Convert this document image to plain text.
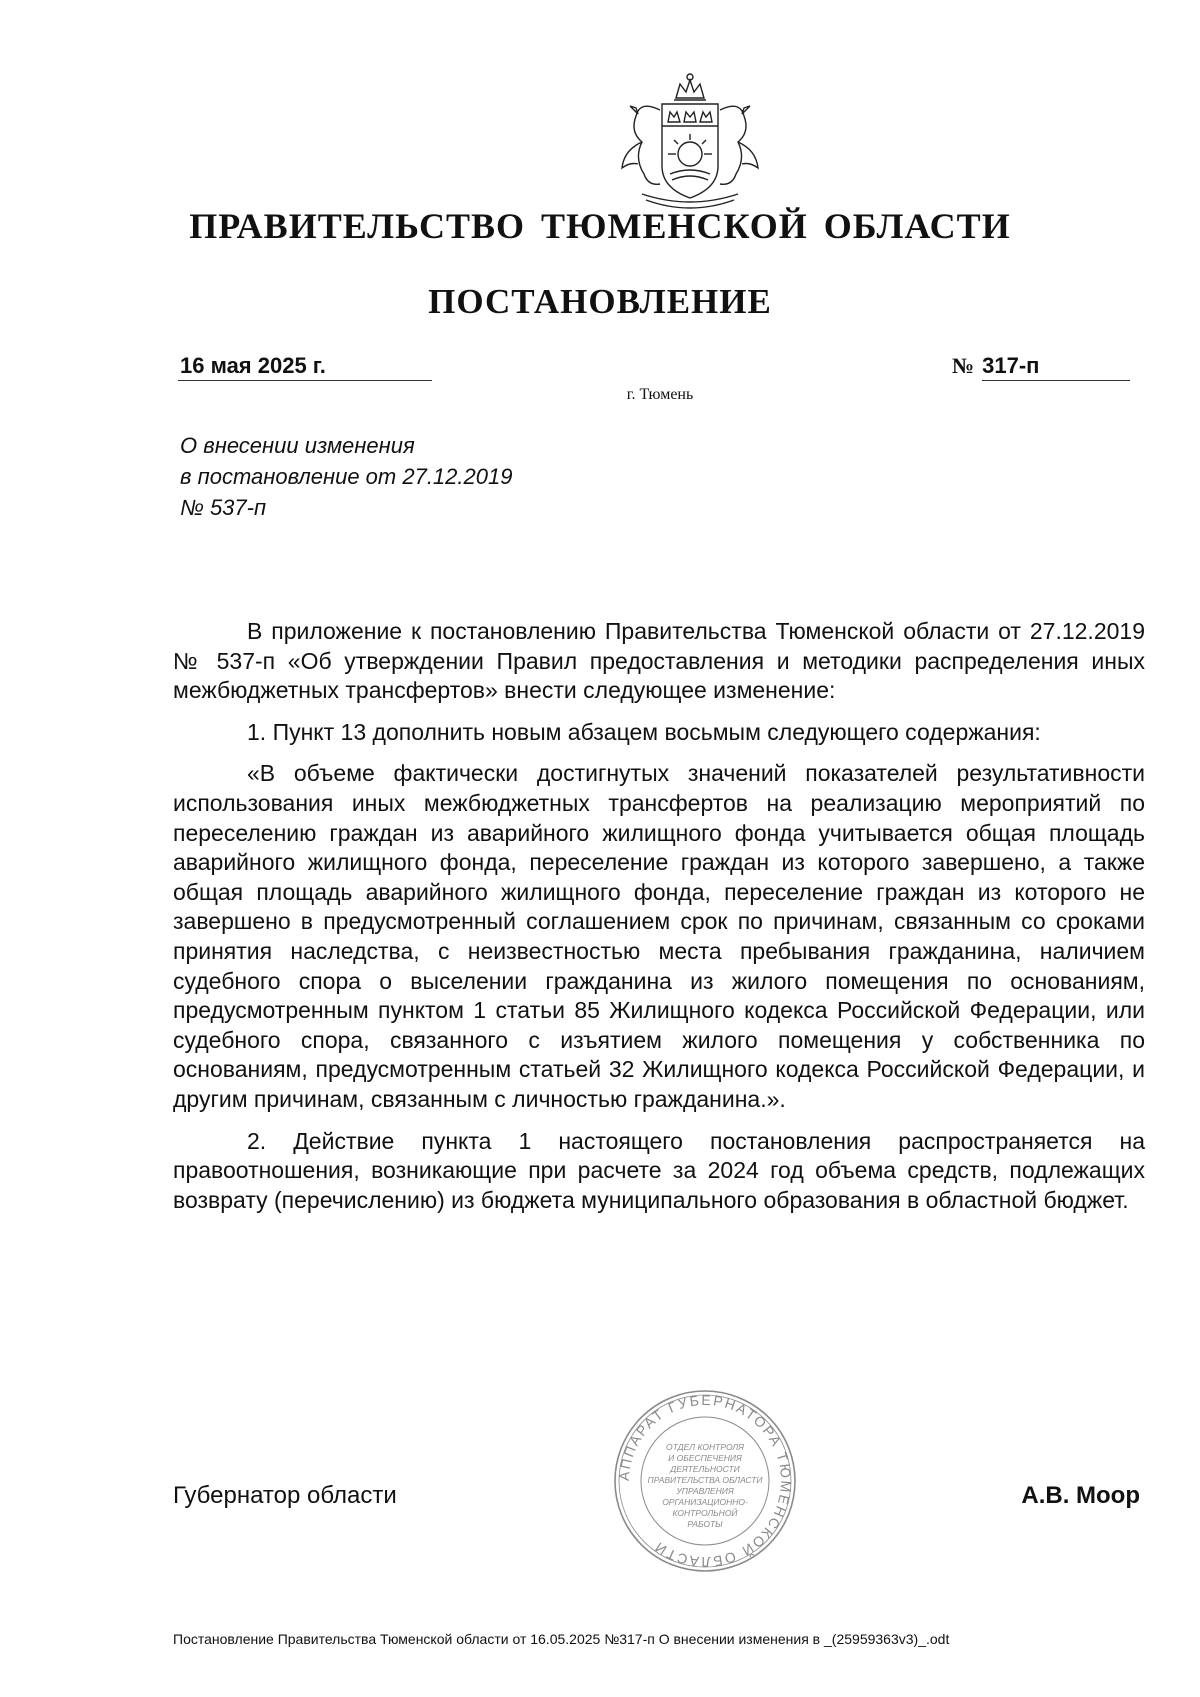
ПРАВИТЕЛЬСТВО ТЮМЕНСКОЙ ОБЛАСТИ
ПОСТАНОВЛЕНИЕ
16 мая 2025 г.	№ 317-п
г. Тюмень
О внесении изменения
в постановление от 27.12.2019
№ 537-п

В приложение к постановлению Правительства Тюменской области от 27.12.2019 № 537-п «Об утверждении Правил предоставления и методики распределения иных межбюджетных трансфертов» внести следующее изменение:

1. Пункт 13 дополнить новым абзацем восьмым следующего содержания:

«В объеме фактически достигнутых значений показателей результативности использования иных межбюджетных трансфертов на реализацию мероприятий по переселению граждан из аварийного жилищного фонда учитывается общая площадь аварийного жилищного фонда, переселение граждан из которого завершено, а также общая площадь аварийного жилищного фонда, переселение граждан из которого не завершено в предусмотренный соглашением срок по причинам, связанным со сроками принятия наследства, с неизвестностью места пребывания гражданина, наличием судебного спора о выселении гражданина из жилого помещения по основаниям, предусмотренным пунктом 1 статьи 85 Жилищного кодекса Российской Федерации, или судебного спора, связанного с изъятием жилого помещения у собственника по основаниям, предусмотренным статьей 32 Жилищного кодекса Российской Федерации, и другим причинам, связанным с личностью гражданина.».

2. Действие пункта 1 настоящего постановления распространяется на правоотношения, возникающие при расчете за 2024 год объема средств, подлежащих возврату (перечислению) из бюджета муниципального образования в областной бюджет.

АППАРАТ ГУБЕРНАТОРА ТЮМЕНСКОЙ ОБЛАСТИ
ОТДЕЛ КОНТРОЛЯ
И ОБЕСПЕЧЕНИЯ
ДЕЯТЕЛЬНОСТИ
ПРАВИТЕЛЬСТВА ОБЛАСТИ
УПРАВЛЕНИЯ
ОРГАНИЗАЦИОННО-
КОНТРОЛЬНОЙ
РАБОТЫ
Губернатор области	А.В. Моор
Постановление Правительства Тюменской области от 16.05.2025 №317-п О внесении изменения в _(25959363v3)_.odt
